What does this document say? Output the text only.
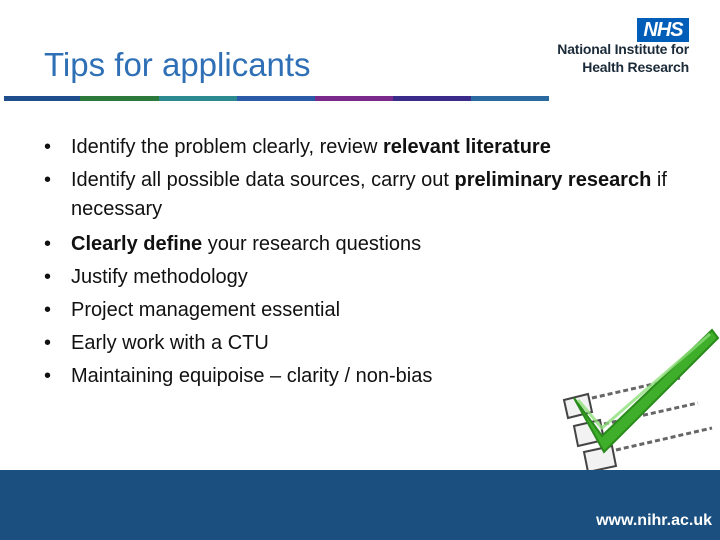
Tips for applicants
NHS
National Institute for
Health Research
• Identify the problem clearly, review relevant literature
• Identify all possible data sources, carry out preliminary research if necessary
• Clearly define your research questions
• Justify methodology
• Project management essential
• Early work with a CTU
• Maintaining equipoise – clarity / non-bias
www.nihr.ac.uk
